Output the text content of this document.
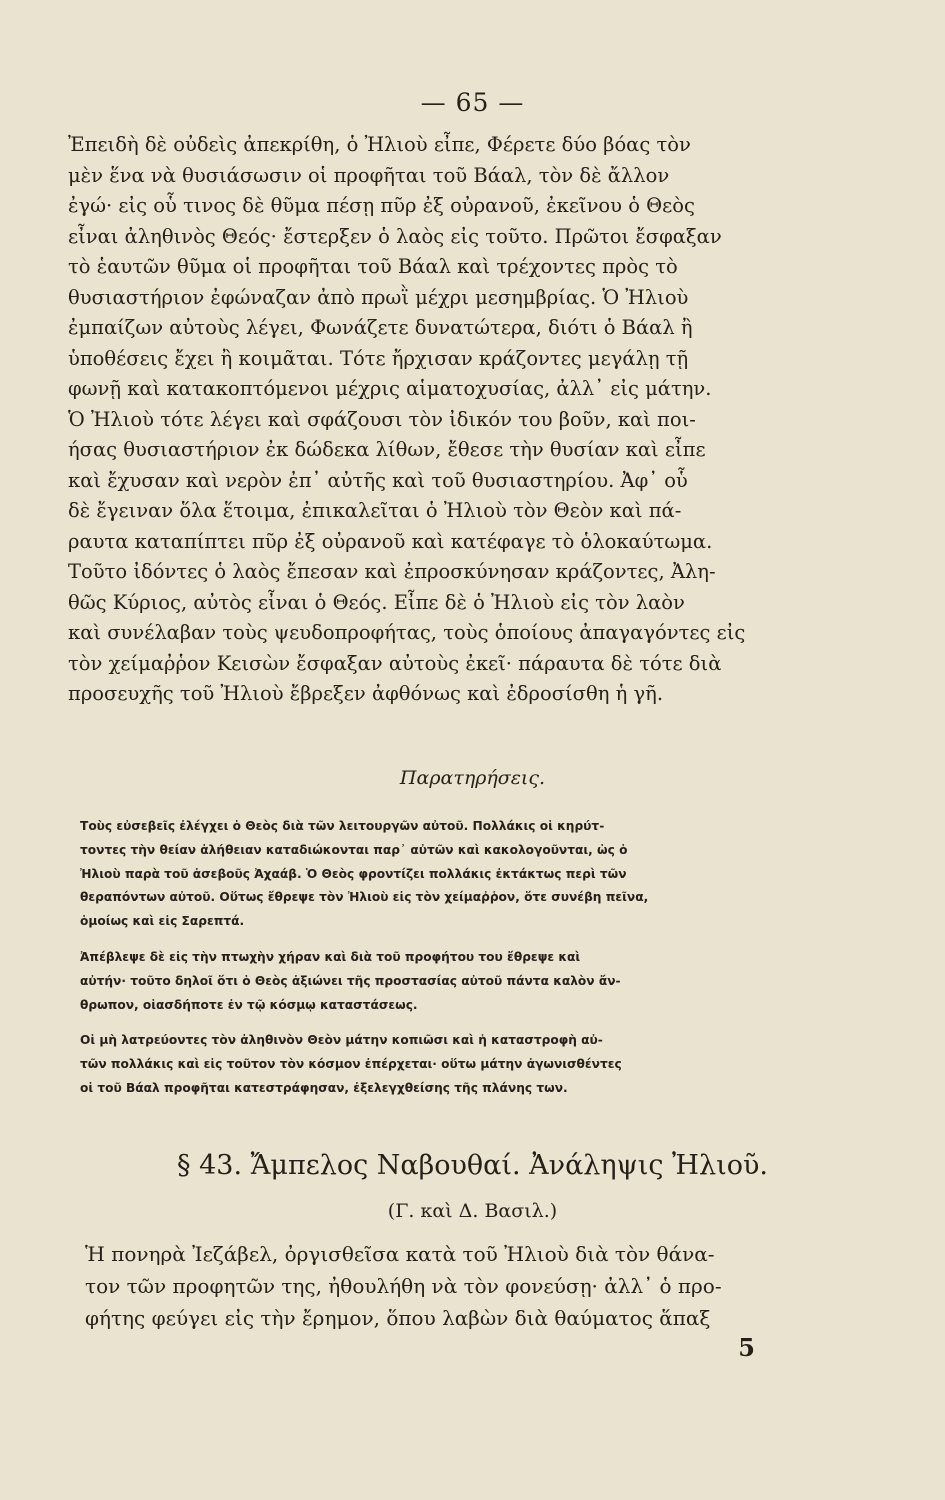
— 65 —
Ἐπειδὴ δὲ οὐδεὶς ἀπεκρίθη, ὁ Ἠλιοὺ εἶπε, Φέρετε δύο βόας τὸν
μὲν ἕνα νὰ θυσιάσωσιν οἱ προφῆται τοῦ Βάαλ, τὸν δὲ ἄλλον
ἐγώ· εἰς οὗ τινος δὲ θῦμα πέσῃ πῦρ ἐξ οὐρανοῦ, ἐκεῖνου ὁ Θεὸς
εἶναι ἀληθινὸς Θεός· ἔστερξεν ὁ λαὸς εἰς τοῦτο. Πρῶτοι ἔσφαξαν
τὸ ἑαυτῶν θῦμα οἱ προφῆται τοῦ Βάαλ καὶ τρέχοντες πρὸς τὸ
θυσιαστήριον ἐφώναζαν ἀπὸ πρωῒ μέχρι μεσημβρίας. Ὁ Ἠλιοὺ
ἐμπαίζων αὐτοὺς λέγει, Φωνάζετε δυνατώτερα, διότι ὁ Βάαλ ἢ
ὑποθέσεις ἔχει ἢ κοιμᾶται. Τότε ἤρχισαν κράζοντες μεγάλῃ τῇ
φωνῇ καὶ κατακοπτόμενοι μέχρις αἱματοχυσίας, ἀλλ᾽ εἰς μάτην.
Ὁ Ἠλιοὺ τότε λέγει καὶ σφάζουσι τὸν ἰδικόν του βοῦν, καὶ ποι-
ήσας θυσιαστήριον ἐκ δώδεκα λίθων, ἔθεσε τὴν θυσίαν καὶ εἶπε
καὶ ἔχυσαν καὶ νερὸν ἐπ᾽ αὐτῆς καὶ τοῦ θυσιαστηρίου. Ἀφ᾽ οὗ
δὲ ἔγειναν ὅλα ἕτοιμα, ἐπικαλεῖται ὁ Ἠλιοὺ τὸν Θεὸν καὶ πά-
ραυτα καταπίπτει πῦρ ἐξ οὐρανοῦ καὶ κατέφαγε τὸ ὁλοκαύτωμα.
Τοῦτο ἰδόντες ὁ λαὸς ἔπεσαν καὶ ἐπροσκύνησαν κράζοντες, Ἀλη-
θῶς Κύριος, αὐτὸς εἶναι ὁ Θεός. Εἶπε δὲ ὁ Ἠλιοὺ εἰς τὸν λαὸν
καὶ συνέλαβαν τοὺς ψευδοπροφήτας, τοὺς ὁποίους ἀπαγαγόντες εἰς
τὸν χείμαῤῥον Κεισὼν ἔσφαξαν αὐτοὺς ἐκεῖ· πάραυτα δὲ τότε διὰ
προσευχῆς τοῦ Ἠλιοὺ ἔβρεξεν ἀφθόνως καὶ ἐδροσίσθη ἡ γῆ.
Παρατηρήσεις.
Τοὺς εὐσεβεῖς ἐλέγχει ὁ Θεὸς διὰ τῶν λειτουργῶν αὐτοῦ. Πολλάκις οἱ κηρύτ-
τοντες τὴν θείαν ἀλήθειαν καταδιώκονται παρ᾽ αὐτῶν καὶ κακολογοῦνται, ὡς ὁ
Ἠλιοὺ παρὰ τοῦ ἀσεβοῦς Ἀχαάβ. Ὁ Θεὸς φροντίζει πολλάκις ἐκτάκτως περὶ τῶν
θεραπόντων αὐτοῦ. Οὕτως ἔθρεψε τὸν Ἠλιοὺ εἰς τὸν χείμαῤῥον, ὅτε συνέβη πεῖνα,
ὁμοίως καὶ εἰς Σαρεπτά.
Ἀπέβλεψε δὲ εἰς τὴν πτωχὴν χήραν καὶ διὰ τοῦ προφήτου του ἔθρεψε καὶ
αὐτήν· τοῦτο δηλοῖ ὅτι ὁ Θεὸς ἀξιώνει τῆς προστασίας αὐτοῦ πάντα καλὸν ἄν-
θρωπον, οἱασδήποτε ἐν τῷ κόσμῳ καταστάσεως.
Οἱ μὴ λατρεύοντες τὸν ἀληθινὸν Θεὸν μάτην κοπιῶσι καὶ ἡ καταστροφὴ αὐ-
τῶν πολλάκις καὶ εἰς τοῦτον τὸν κόσμον ἐπέρχεται· οὕτω μάτην ἀγωνισθέντες
οἱ τοῦ Βάαλ προφῆται κατεστράφησαν, ἐξελεγχθείσης τῆς πλάνης των.
§ 43. Ἄμπελος Ναβουθαί. Ἀνάληψις Ἠλιοῦ.
(Γ. καὶ Δ. Βασιλ.)
Ἡ πονηρὰ Ἰεζάβελ, ὀργισθεῖσα κατὰ τοῦ Ἠλιοὺ διὰ τὸν θάνα-
τον τῶν προφητῶν της, ἠθουλήθη νὰ τὸν φονεύσῃ· ἀλλ᾽ ὁ προ-
φήτης φεύγει εἰς τὴν ἔρημον, ὅπου λαβὼν διὰ θαύματος ἅπαξ
5
